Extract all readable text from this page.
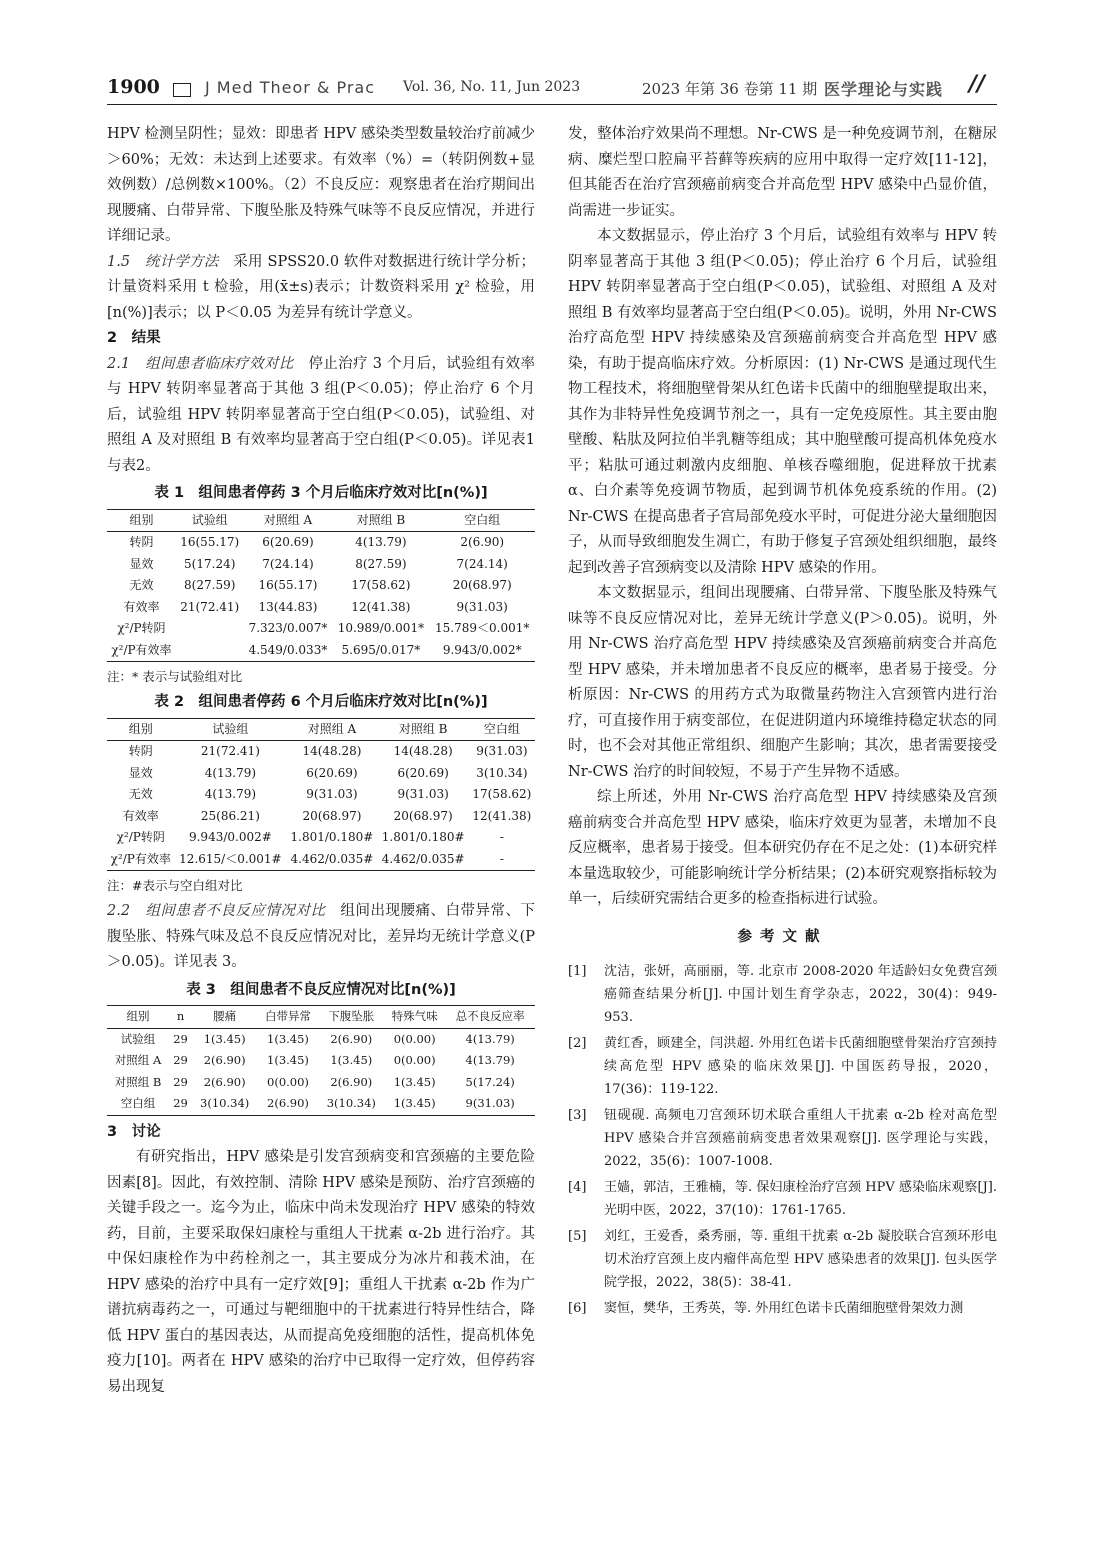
1900	J Med Theor & Prac Vol. 36, No. 11, Jun 2023	2023 年第 36 卷第 11 期 医学理论与实践 //

HPV 检测呈阴性；显效：即患者 HPV 感染类型数量较治疗前减少＞60%；无效：未达到上述要求。有效率（%）=（转阴例数+显效例数）/总例数×100%。（2）不良反应：观察患者在治疗期间出现腰痛、白带异常、下腹坠胀及特殊气味等不良反应情况，并进行详细记录。

1.5　统计学方法　采用 SPSS20.0 软件对数据进行统计学分析；计量资料采用 t 检验，用(x̄±s)表示；计数资料采用 χ² 检验，用[n(%)]表示；以 P＜0.05 为差异有统计学意义。

2　结果

2.1　组间患者临床疗效对比　停止治疗 3 个月后，试验组有效率与 HPV 转阴率显著高于其他 3 组(P＜0.05)；停止治疗 6 个月后，试验组 HPV 转阴率显著高于空白组(P＜0.05)，试验组、对照组 A 及对照组 B 有效率均显著高于空白组(P＜0.05)。详见表1 与表2。

表 1　组间患者停药 3 个月后临床疗效对比[n(%)]
组别	试验组	对照组 A	对照组 B	空白组
转阴	16(55.17)	6(20.69)	4(13.79)	2(6.90)
显效	5(17.24)	7(24.14)	8(27.59)	7(24.14)
无效	8(27.59)	16(55.17)	17(58.62)	20(68.97)
有效率	21(72.41)	13(44.83)	12(41.38)	9(31.03)
χ²/P转阴		7.323/0.007*	10.989/0.001*	15.789＜0.001*
χ²/P有效率		4.549/0.033*	5.695/0.017*	9.943/0.002*
注：* 表示与试验组对比
表 2　组间患者停药 6 个月后临床疗效对比[n(%)]
组别	试验组	对照组 A	对照组 B	空白组
转阴	21(72.41)	14(48.28)	14(48.28)	9(31.03)
显效	4(13.79)	6(20.69)	6(20.69)	3(10.34)
无效	4(13.79)	9(31.03)	9(31.03)	17(58.62)
有效率	25(86.21)	20(68.97)	20(68.97)	12(41.38)
χ²/P转阴	9.943/0.002#	1.801/0.180#	1.801/0.180#	-
χ²/P有效率	12.615/＜0.001#	4.462/0.035#	4.462/0.035#	-
注：#表示与空白组对比

2.2　组间患者不良反应情况对比　组间出现腰痛、白带异常、下腹坠胀、特殊气味及总不良反应情况对比，差异均无统计学意义(P＞0.05)。详见表 3。

表 3　组间患者不良反应情况对比[n(%)]
组别	n	腰痛	白带异常	下腹坠胀	特殊气味	总不良反应率
试验组	29	1(3.45)	1(3.45)	2(6.90)	0(0.00)	4(13.79)
对照组 A	29	2(6.90)	1(3.45)	1(3.45)	0(0.00)	4(13.79)
对照组 B	29	2(6.90)	0(0.00)	2(6.90)	1(3.45)	5(17.24)
空白组	29	3(10.34)	2(6.90)	3(10.34)	1(3.45)	9(31.03)

3　讨论

有研究指出，HPV 感染是引发宫颈病变和宫颈癌的主要危险因素[8]。因此，有效控制、清除 HPV 感染是预防、治疗宫颈癌的关键手段之一。迄今为止，临床中尚未发现治疗 HPV 感染的特效药，目前，主要采取保妇康栓与重组人干扰素 α-2b 进行治疗。其中保妇康栓作为中药栓剂之一，其主要成分为冰片和莪术油，在 HPV 感染的治疗中具有一定疗效[9]；重组人干扰素 α-2b 作为广谱抗病毒药之一，可通过与靶细胞中的干扰素进行特异性结合，降低 HPV 蛋白的基因表达，从而提高免疫细胞的活性，提高机体免疫力[10]。两者在 HPV 感染的治疗中已取得一定疗效，但停药容易出现复

发，整体治疗效果尚不理想。Nr-CWS 是一种免疫调节剂，在糖尿病、糜烂型口腔扁平苔藓等疾病的应用中取得一定疗效[11-12]，但其能否在治疗宫颈癌前病变合并高危型 HPV 感染中凸显价值，尚需进一步证实。

本文数据显示，停止治疗 3 个月后，试验组有效率与 HPV 转阴率显著高于其他 3 组(P＜0.05)；停止治疗 6 个月后，试验组 HPV 转阴率显著高于空白组(P＜0.05)，试验组、对照组 A 及对照组 B 有效率均显著高于空白组(P＜0.05)。说明，外用 Nr-CWS 治疗高危型 HPV 持续感染及宫颈癌前病变合并高危型 HPV 感染，有助于提高临床疗效。分析原因：(1) Nr-CWS 是通过现代生物工程技术，将细胞壁骨架从红色诺卡氏菌中的细胞壁提取出来，其作为非特异性免疫调节剂之一，具有一定免疫原性。其主要由胞壁酸、粘肽及阿拉伯半乳糖等组成；其中胞壁酸可提高机体免疫水平；粘肽可通过刺激内皮细胞、单核吞噬细胞，促进释放干扰素 α、白介素等免疫调节物质，起到调节机体免疫系统的作用。(2) Nr-CWS 在提高患者子宫局部免疫水平时，可促进分泌大量细胞因子，从而导致细胞发生凋亡，有助于修复子宫颈处组织细胞，最终起到改善子宫颈病变以及清除 HPV 感染的作用。

本文数据显示，组间出现腰痛、白带异常、下腹坠胀及特殊气味等不良反应情况对比，差异无统计学意义(P＞0.05)。说明，外用 Nr-CWS 治疗高危型 HPV 持续感染及宫颈癌前病变合并高危型 HPV 感染，并未增加患者不良反应的概率，患者易于接受。分析原因：Nr-CWS 的用药方式为取微量药物注入宫颈管内进行治疗，可直接作用于病变部位，在促进阴道内环境维持稳定状态的同时，也不会对其他正常组织、细胞产生影响；其次，患者需要接受 Nr-CWS 治疗的时间较短，不易于产生异物不适感。

综上所述，外用 Nr-CWS 治疗高危型 HPV 持续感染及宫颈癌前病变合并高危型 HPV 感染，临床疗效更为显著，未增加不良反应概率，患者易于接受。但本研究仍存在不足之处：(1)本研究样本量选取较少，可能影响统计学分析结果；(2)本研究观察指标较为单一，后续研究需结合更多的检查指标进行试验。

参考文献
[1]	沈洁，张妍，高丽丽，等. 北京市 2008-2020 年适龄妇女免费宫颈癌筛查结果分析[J]. 中国计划生育学杂志，2022，30(4)：949-953.
[2]	黄红香，顾建全，闫洪超. 外用红色诺卡氏菌细胞壁骨架治疗宫颈持续高危型 HPV 感染的临床效果[J]. 中国医药导报，2020，17(36)：119-122.
[3]	钮砚砚. 高频电刀宫颈环切术联合重组人干扰素 α-2b 栓对高危型 HPV 感染合并宫颈癌前病变患者效果观察[J]. 医学理论与实践，2022，35(6)：1007-1008.
[4]	王嫱，郭洁，王雅楠，等. 保妇康栓治疗宫颈 HPV 感染临床观察[J]. 光明中医，2022，37(10)：1761-1765.
[5]	刘红，王爱香，桑秀丽，等. 重组干扰素 α-2b 凝胶联合宫颈环形电切术治疗宫颈上皮内瘤伴高危型 HPV 感染患者的效果[J]. 包头医学院学报，2022，38(5)：38-41.
[6]	窦恒，樊华，王秀英，等. 外用红色诺卡氏菌细胞壁骨架效力测
